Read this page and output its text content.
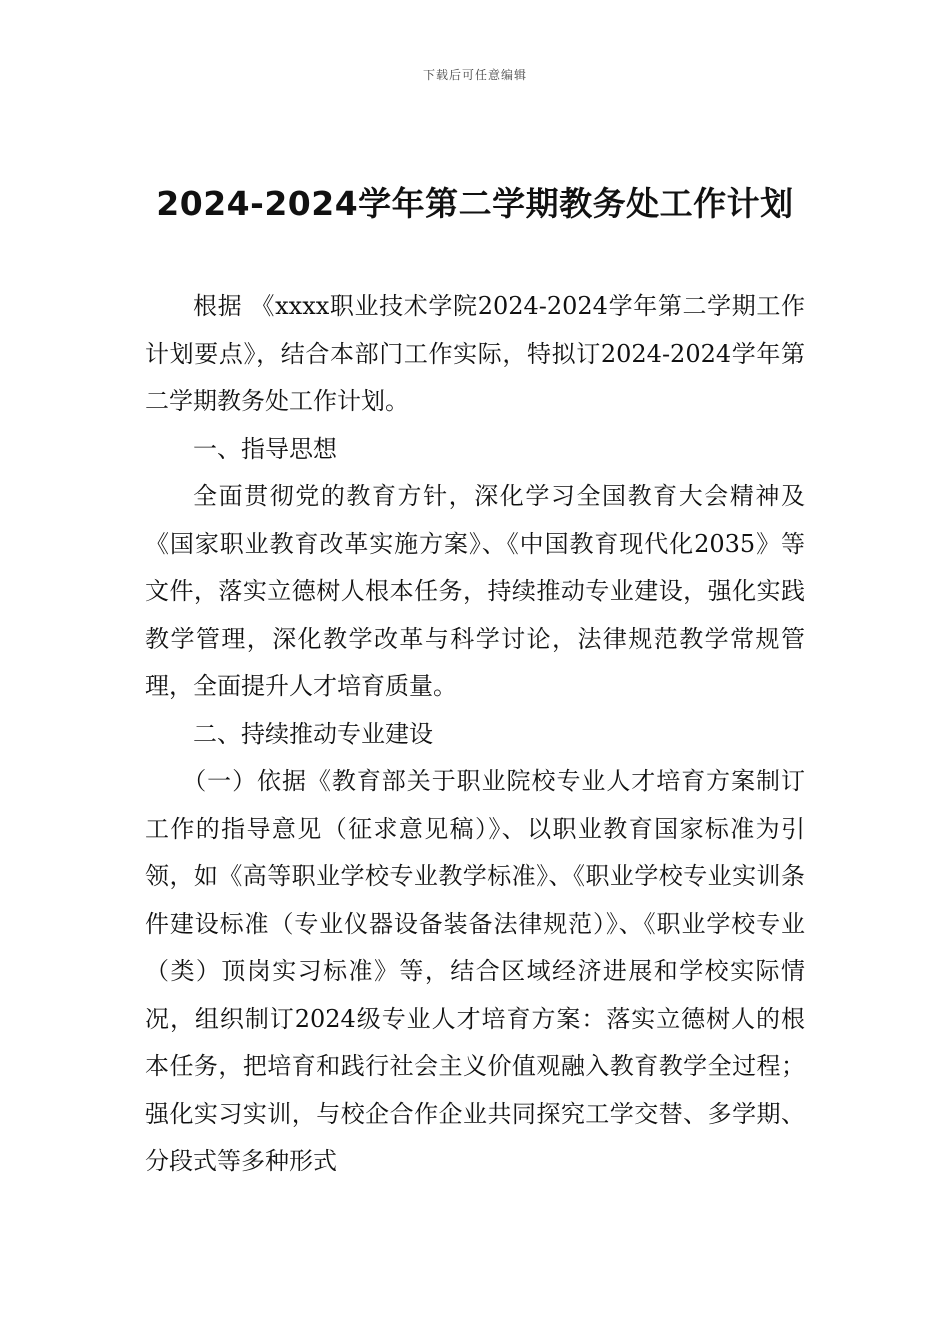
下载后可任意编辑
2024-2024学年第二学期教务处工作计划

根据 《xxxx职业技术学院2024-2024学年第二学期工作计划要点》，结合本部门工作实际，特拟订2024-2024学年第二学期教务处工作计划。

一、指导思想

全面贯彻党的教育方针，深化学习全国教育大会精神及《国家职业教育改革实施方案》、《中国教育现代化2035》等文件，落实立德树人根本任务，持续推动专业建设，强化实践教学管理，深化教学改革与科学讨论，法律规范教学常规管理，全面提升人才培育质量。

二、持续推动专业建设

（一）依据《教育部关于职业院校专业人才培育方案制订工作的指导意见（征求意见稿）》、以职业教育国家标准为引领，如《高等职业学校专业教学标准》、《职业学校专业实训条件建设标准（专业仪器设备装备法律规范）》、《职业学校专业（类）顶岗实习标准》等，结合区域经济进展和学校实际情况，组织制订2024级专业人才培育方案：落实立德树人的根本任务，把培育和践行社会主义价值观融入教育教学全过程；强化实习实训，与校企合作企业共同探究工学交替、多学期、分段式等多种形式
